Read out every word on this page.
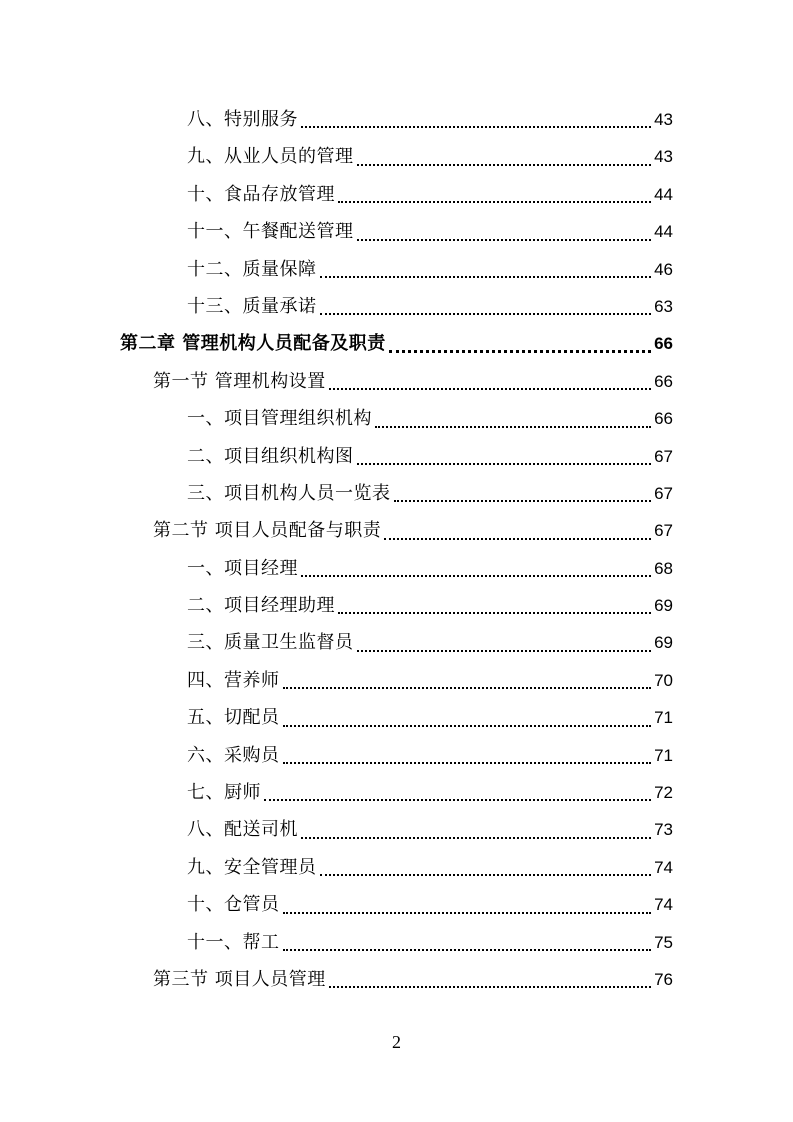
八、特别服务	43
九、从业人员的管理	43
十、食品存放管理	44
十一、午餐配送管理	44
十二、质量保障	46
十三、质量承诺	63
第二章 管理机构人员配备及职责	66
第一节 管理机构设置	66
一、项目管理组织机构	66
二、项目组织机构图	67
三、项目机构人员一览表	67
第二节 项目人员配备与职责	67
一、项目经理	68
二、项目经理助理	69
三、质量卫生监督员	69
四、营养师	70
五、切配员	71
六、采购员	71
七、厨师	72
八、配送司机	73
九、安全管理员	74
十、仓管员	74
十一、帮工	75
第三节 项目人员管理	76
2
